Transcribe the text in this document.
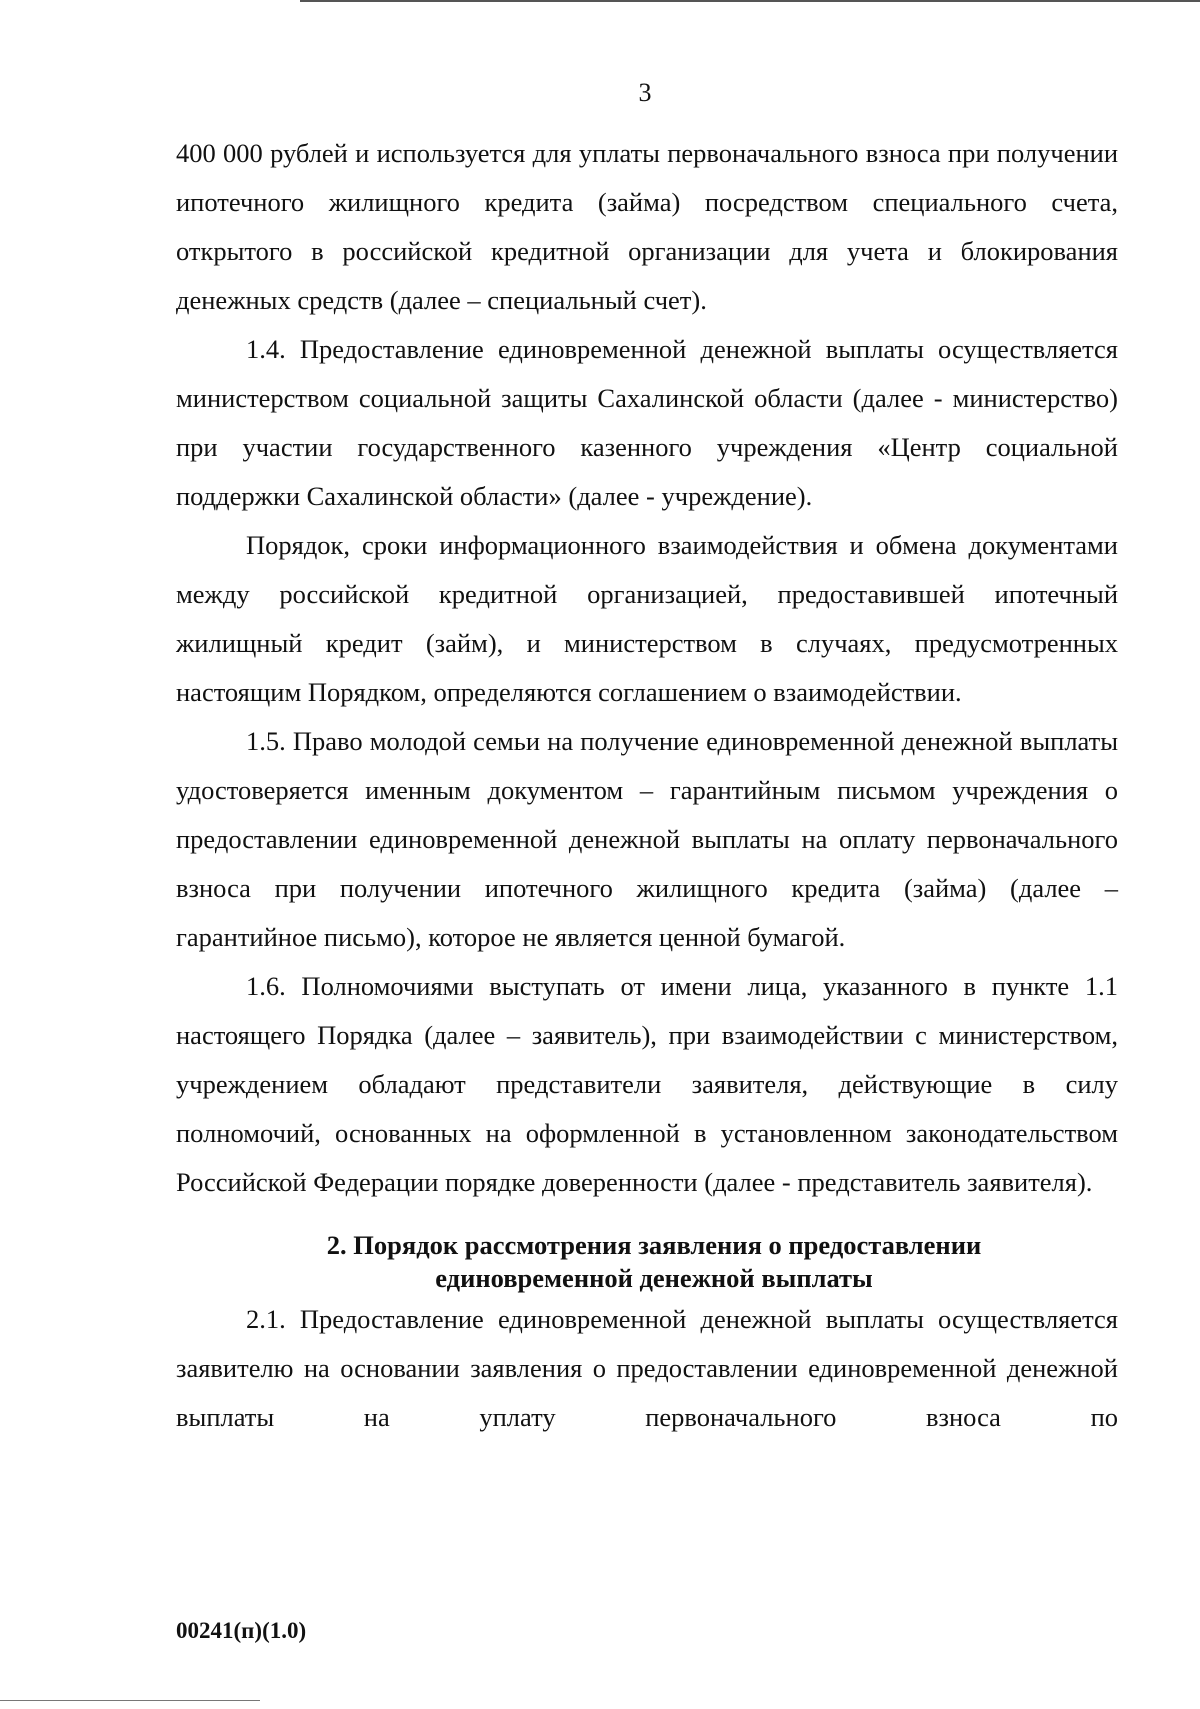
3

400 000 рублей и используется для уплаты первоначального взноса при получении ипотечного жилищного кредита (займа) посредством специального счета, открытого в российской кредитной организации для учета и блокирования денежных средств (далее – специальный счет).

1.4. Предоставление единовременной денежной выплаты осуществляется министерством социальной защиты Сахалинской области (далее - министерство) при участии государственного казенного учреждения «Центр социальной поддержки Сахалинской области» (далее - учреждение).

Порядок, сроки информационного взаимодействия и обмена документами между российской кредитной организацией, предоставившей ипотечный жилищный кредит (займ), и министерством в случаях, предусмотренных настоящим Порядком, определяются соглашением о взаимодействии.

1.5. Право молодой семьи на получение единовременной денежной выплаты удостоверяется именным документом – гарантийным письмом учреждения о предоставлении единовременной денежной выплаты на оплату первоначального взноса при получении ипотечного жилищного кредита (займа) (далее – гарантийное письмо), которое не является ценной бумагой.

1.6. Полномочиями выступать от имени лица, указанного в пункте 1.1 настоящего Порядка (далее – заявитель), при взаимодействии с министерством, учреждением обладают представители заявителя, действующие в силу полномочий, основанных на оформленной в установленном законодательством Российской Федерации порядке доверенности (далее - представитель заявителя).

2. Порядок рассмотрения заявления о предоставлении
единовременной денежной выплаты

2.1. Предоставление единовременной денежной выплаты осуществляется заявителю на основании заявления о предоставлении единовременной денежной выплаты на уплату первоначального взноса по

00241(п)(1.0)
